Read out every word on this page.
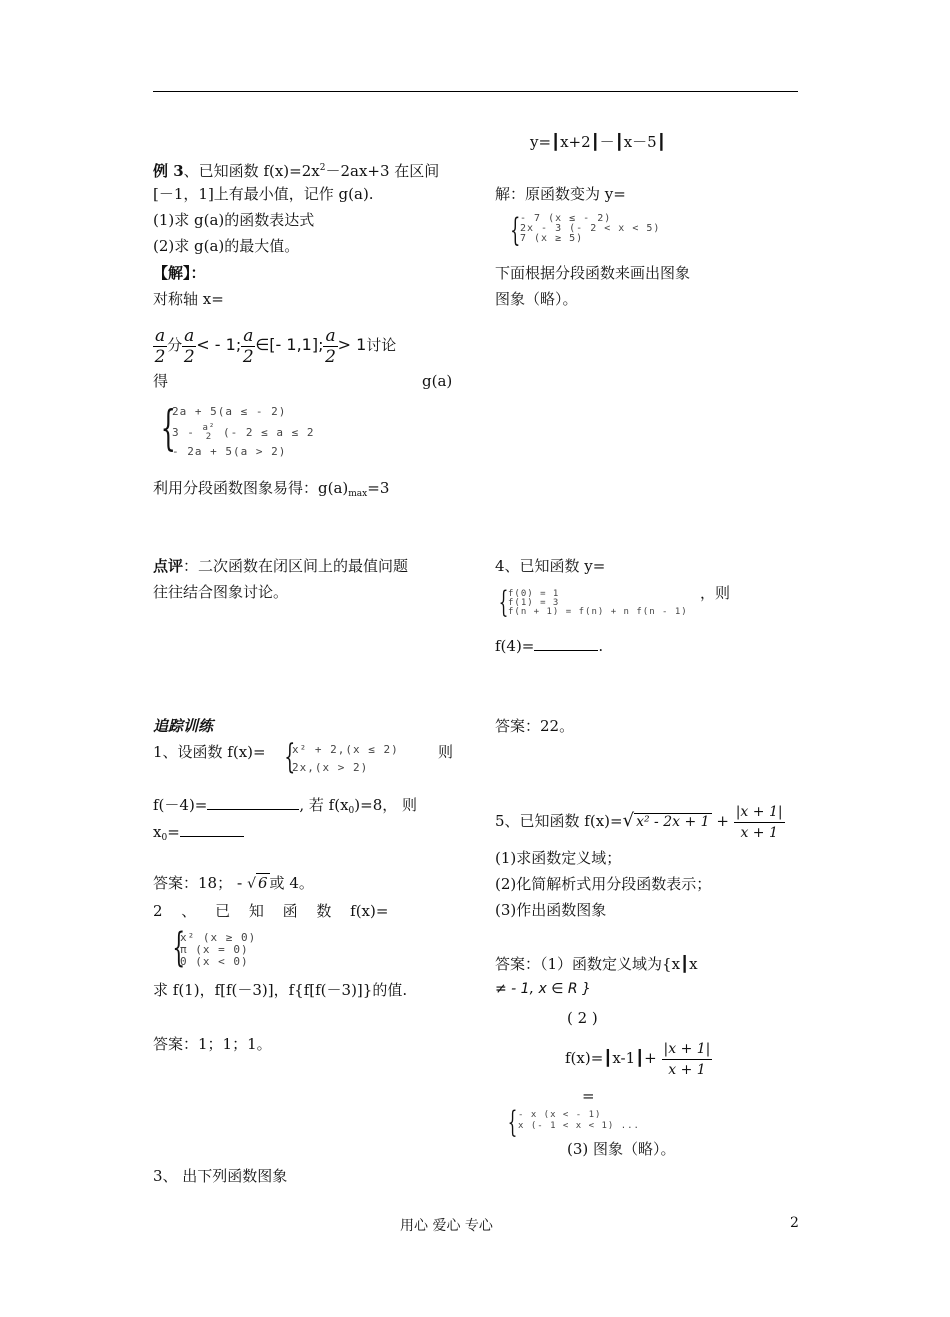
例 3、已知函数 $f(x)=2x^2-2ax+3$ 在区间
[－1，1]上有最小值，记作 g(a).
(1)求 g(a)的函数表达式
(2)求 g(a)的最大值。
【解】：
对称轴 x=
$\frac{a}{2}$ 分 $\frac{a}{2}$ < - 1; $\frac{a}{2}$ ∈[- 1,1]; $\frac{a}{2} > 1$讨论
得	g(a)
{
2a + 5(a ≤ - 2)
3 - a²
2 (- 2 ≤ a ≤ 2
- 2a + 5(a > 2)
利用分段函数图象易得：$g(a)_{max}=3$
点评：二次函数在闭区间上的最值问题
往往结合图象讨论。
追踪训练
1、设函数 f(x)= {
x² + 2,(x ≤ 2)
2x,(x > 2)
则
f(－4)=	, 若 $f(x_0)=8$， 则
$x_0=$
答案：18； - √ 6 或 4。
2 、 已 知 函 数 f(x)=
{
x² (x ≥ 0)
π (x = 0)
0 (x < 0)
求 f(1)，f[f(－3)]，f{f[f(－3)]}的值.
答案：1；1；1。
3、 出下列函数图象
y=┃x+2┃－┃x－5┃
解：原函数变为 y=
{ - 7 (x ≤ - 2)
2x - 3 (- 2 < x < 5)
7 (x ≥ 5)
下面根据分段函数来画出图象
图象（略）。
4、已知函数 y=
{ f(0) = 1
f(1) = 3
f(n + 1) = f(n) + n f(n - 1)
，则
f(4)=	.
答案：22。
5、已知函数 f(x)=√ $x^2 - 2x + 1 + \frac{|x + 1|}{x + 1}$
(1)求函数定义域；
(2)化简解析式用分段函数表示；
(3)作出函数图象
答案：（1）函数定义域为{x┃x
≠ - 1, x ∈ R }
( 2 )
f(x)=┃x-1┃+ $\frac{|x + 1|}{x + 1}$
=
{ - x (x < - 1)
x (- 1 < x < 1) ...
(3) 图象（略）。
用心 爱心 专心	2
